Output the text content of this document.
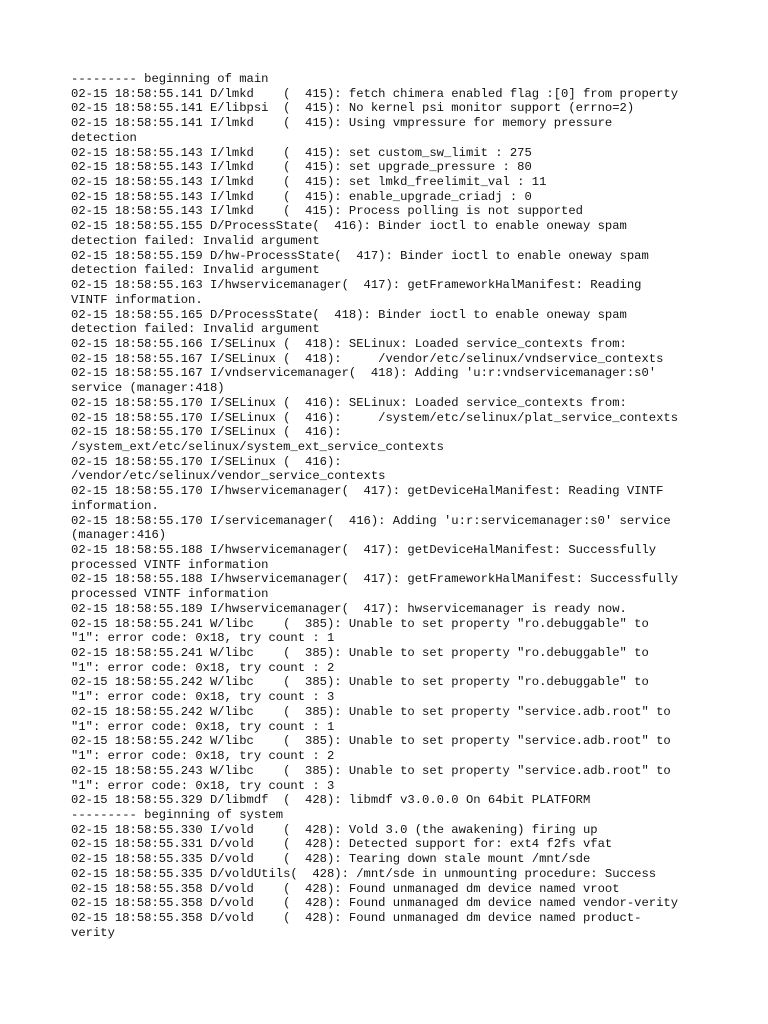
--------- beginning of main
02-15 18:58:55.141 D/lmkd    (  415): fetch chimera enabled flag :[0] from property
02-15 18:58:55.141 E/libpsi  (  415): No kernel psi monitor support (errno=2)
02-15 18:58:55.141 I/lmkd    (  415): Using vmpressure for memory pressure
detection
02-15 18:58:55.143 I/lmkd    (  415): set custom_sw_limit : 275
02-15 18:58:55.143 I/lmkd    (  415): set upgrade_pressure : 80
02-15 18:58:55.143 I/lmkd    (  415): set lmkd_freelimit_val : 11
02-15 18:58:55.143 I/lmkd    (  415): enable_upgrade_criadj : 0
02-15 18:58:55.143 I/lmkd    (  415): Process polling is not supported
02-15 18:58:55.155 D/ProcessState(  416): Binder ioctl to enable oneway spam
detection failed: Invalid argument
02-15 18:58:55.159 D/hw-ProcessState(  417): Binder ioctl to enable oneway spam
detection failed: Invalid argument
02-15 18:58:55.163 I/hwservicemanager(  417): getFrameworkHalManifest: Reading
VINTF information.
02-15 18:58:55.165 D/ProcessState(  418): Binder ioctl to enable oneway spam
detection failed: Invalid argument
02-15 18:58:55.166 I/SELinux (  418): SELinux: Loaded service_contexts from:
02-15 18:58:55.167 I/SELinux (  418):     /vendor/etc/selinux/vndservice_contexts
02-15 18:58:55.167 I/vndservicemanager(  418): Adding 'u:r:vndservicemanager:s0'
service (manager:418)
02-15 18:58:55.170 I/SELinux (  416): SELinux: Loaded service_contexts from:
02-15 18:58:55.170 I/SELinux (  416):     /system/etc/selinux/plat_service_contexts
02-15 18:58:55.170 I/SELinux (  416):
/system_ext/etc/selinux/system_ext_service_contexts
02-15 18:58:55.170 I/SELinux (  416):
/vendor/etc/selinux/vendor_service_contexts
02-15 18:58:55.170 I/hwservicemanager(  417): getDeviceHalManifest: Reading VINTF
information.
02-15 18:58:55.170 I/servicemanager(  416): Adding 'u:r:servicemanager:s0' service
(manager:416)
02-15 18:58:55.188 I/hwservicemanager(  417): getDeviceHalManifest: Successfully
processed VINTF information
02-15 18:58:55.188 I/hwservicemanager(  417): getFrameworkHalManifest: Successfully
processed VINTF information
02-15 18:58:55.189 I/hwservicemanager(  417): hwservicemanager is ready now.
02-15 18:58:55.241 W/libc    (  385): Unable to set property "ro.debuggable" to
"1": error code: 0x18, try count : 1
02-15 18:58:55.241 W/libc    (  385): Unable to set property "ro.debuggable" to
"1": error code: 0x18, try count : 2
02-15 18:58:55.242 W/libc    (  385): Unable to set property "ro.debuggable" to
"1": error code: 0x18, try count : 3
02-15 18:58:55.242 W/libc    (  385): Unable to set property "service.adb.root" to
"1": error code: 0x18, try count : 1
02-15 18:58:55.242 W/libc    (  385): Unable to set property "service.adb.root" to
"1": error code: 0x18, try count : 2
02-15 18:58:55.243 W/libc    (  385): Unable to set property "service.adb.root" to
"1": error code: 0x18, try count : 3
02-15 18:58:55.329 D/libmdf  (  428): libmdf v3.0.0.0 On 64bit PLATFORM
--------- beginning of system
02-15 18:58:55.330 I/vold    (  428): Vold 3.0 (the awakening) firing up
02-15 18:58:55.331 D/vold    (  428): Detected support for: ext4 f2fs vfat
02-15 18:58:55.335 D/vold    (  428): Tearing down stale mount /mnt/sde
02-15 18:58:55.335 D/voldUtils(  428): /mnt/sde in unmounting procedure: Success
02-15 18:58:55.358 D/vold    (  428): Found unmanaged dm device named vroot
02-15 18:58:55.358 D/vold    (  428): Found unmanaged dm device named vendor-verity
02-15 18:58:55.358 D/vold    (  428): Found unmanaged dm device named product-
verity
